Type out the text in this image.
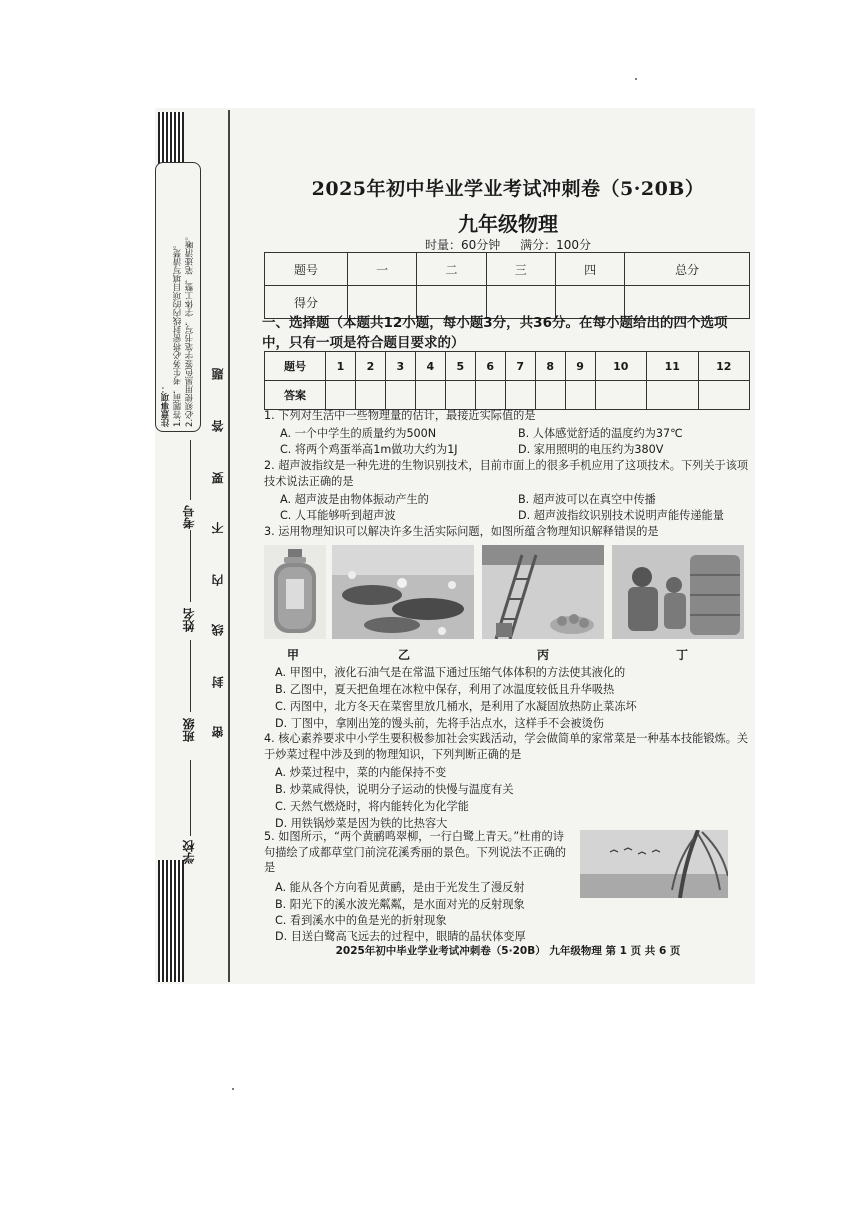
注意事项： 1.答题前，考生务必将密封线内的项目填写清楚。 2.必须使用黑色签字笔书写，字体工整，笔迹清晰。 题
答
要
不
内
线
封
密
学校
班级
姓名
考号
2025年初中毕业学业考试冲刺卷（5·20B）
九年级物理
时量：60分钟 满分：100分
题号	一	二	三	四	总分
得分					
一、选择题（本题共12小题，每小题3分，共36分。在每小题给出的四个选项中，只有一项是符合题目要求的）
题号	1	2	3	4	5	6	7	8	9	10	11	12
答案												
1. 下列对生活中一些物理量的估计，最接近实际值的是
A. 一个中学生的质量约为500N	B. 人体感觉舒适的温度约为37℃
C. 将两个鸡蛋举高1m做功大约为1J	D. 家用照明的电压约为380V
2. 超声波指纹是一种先进的生物识别技术，目前市面上的很多手机应用了这项技术。下列关于该项技术说法正确的是
A. 超声波是由物体振动产生的	B. 超声波可以在真空中传播
C. 人耳能够听到超声波	D. 超声波指纹识别技术说明声能传递能量
3. 运用物理知识可以解决许多生活实际问题，如图所蕴含物理知识解释错误的是
甲	乙	丙	丁
A. 甲图中，液化石油气是在常温下通过压缩气体体积的方法使其液化的
B. 乙图中，夏天把鱼埋在冰粒中保存，利用了冰温度较低且升华吸热
C. 丙图中，北方冬天在菜窖里放几桶水，是利用了水凝固放热防止菜冻坏
D. 丁图中，拿刚出笼的馒头前，先将手沾点水，这样手不会被烫伤
4. 核心素养要求中小学生要积极参加社会实践活动，学会做简单的家常菜是一种基本技能锻炼。关于炒菜过程中涉及到的物理知识，下列判断正确的是
A. 炒菜过程中，菜的内能保持不变
B. 炒菜咸得快，说明分子运动的快慢与温度有关
C. 天然气燃烧时，将内能转化为化学能
D. 用铁锅炒菜是因为铁的比热容大
5. 如图所示，“两个黄鹂鸣翠柳，一行白鹭上青天。”杜甫的诗句描绘了成都草堂门前浣花溪秀丽的景色。下列说法不正确的是
A. 能从各个方向看见黄鹂，是由于光发生了漫反射
B. 阳光下的溪水波光粼粼，是水面对光的反射现象
C. 看到溪水中的鱼是光的折射现象
D. 目送白鹭高飞远去的过程中，眼睛的晶状体变厚
2025年初中毕业学业考试冲刺卷（5·20B） 九年级物理 第 1 页 共 6 页
